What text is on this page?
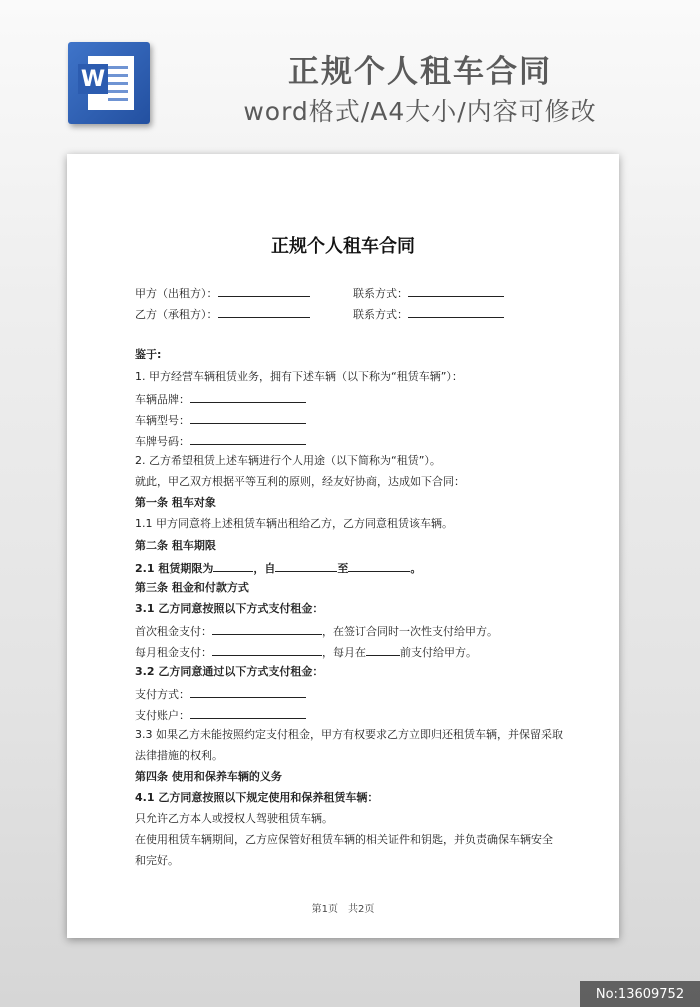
W	正规个人租车合同
word格式/A4大小/内容可修改
正规个人租车合同
甲方（出租方）：	联系方式：
乙方（承租方）：	联系方式：
鉴于:
1. 甲方经营车辆租赁业务，拥有下述车辆（以下称为“租赁车辆”）：
车辆品牌：
车辆型号：
车牌号码：
2. 乙方希望租赁上述车辆进行个人用途（以下简称为“租赁”）。
就此，甲乙双方根据平等互利的原则，经友好协商，达成如下合同：
第一条 租车对象
1.1 甲方同意将上述租赁车辆出租给乙方，乙方同意租赁该车辆。
第二条 租车期限
2.1 租赁期限为	，自	至	。
第三条 租金和付款方式
3.1 乙方同意按照以下方式支付租金：
首次租金支付：	，在签订合同时一次性支付给甲方。
每月租金支付：	，每月在	前支付给甲方。
3.2 乙方同意通过以下方式支付租金：
支付方式：
支付账户：
3.3 如果乙方未能按照约定支付租金，甲方有权要求乙方立即归还租赁车辆，并保留采取
法律措施的权利。
第四条 使用和保养车辆的义务
4.1 乙方同意按照以下规定使用和保养租赁车辆：
只允许乙方本人或授权人驾驶租赁车辆。
在使用租赁车辆期间，乙方应保管好租赁车辆的相关证件和钥匙，并负责确保车辆安全
和完好。
第1页　共2页
No:13609752
